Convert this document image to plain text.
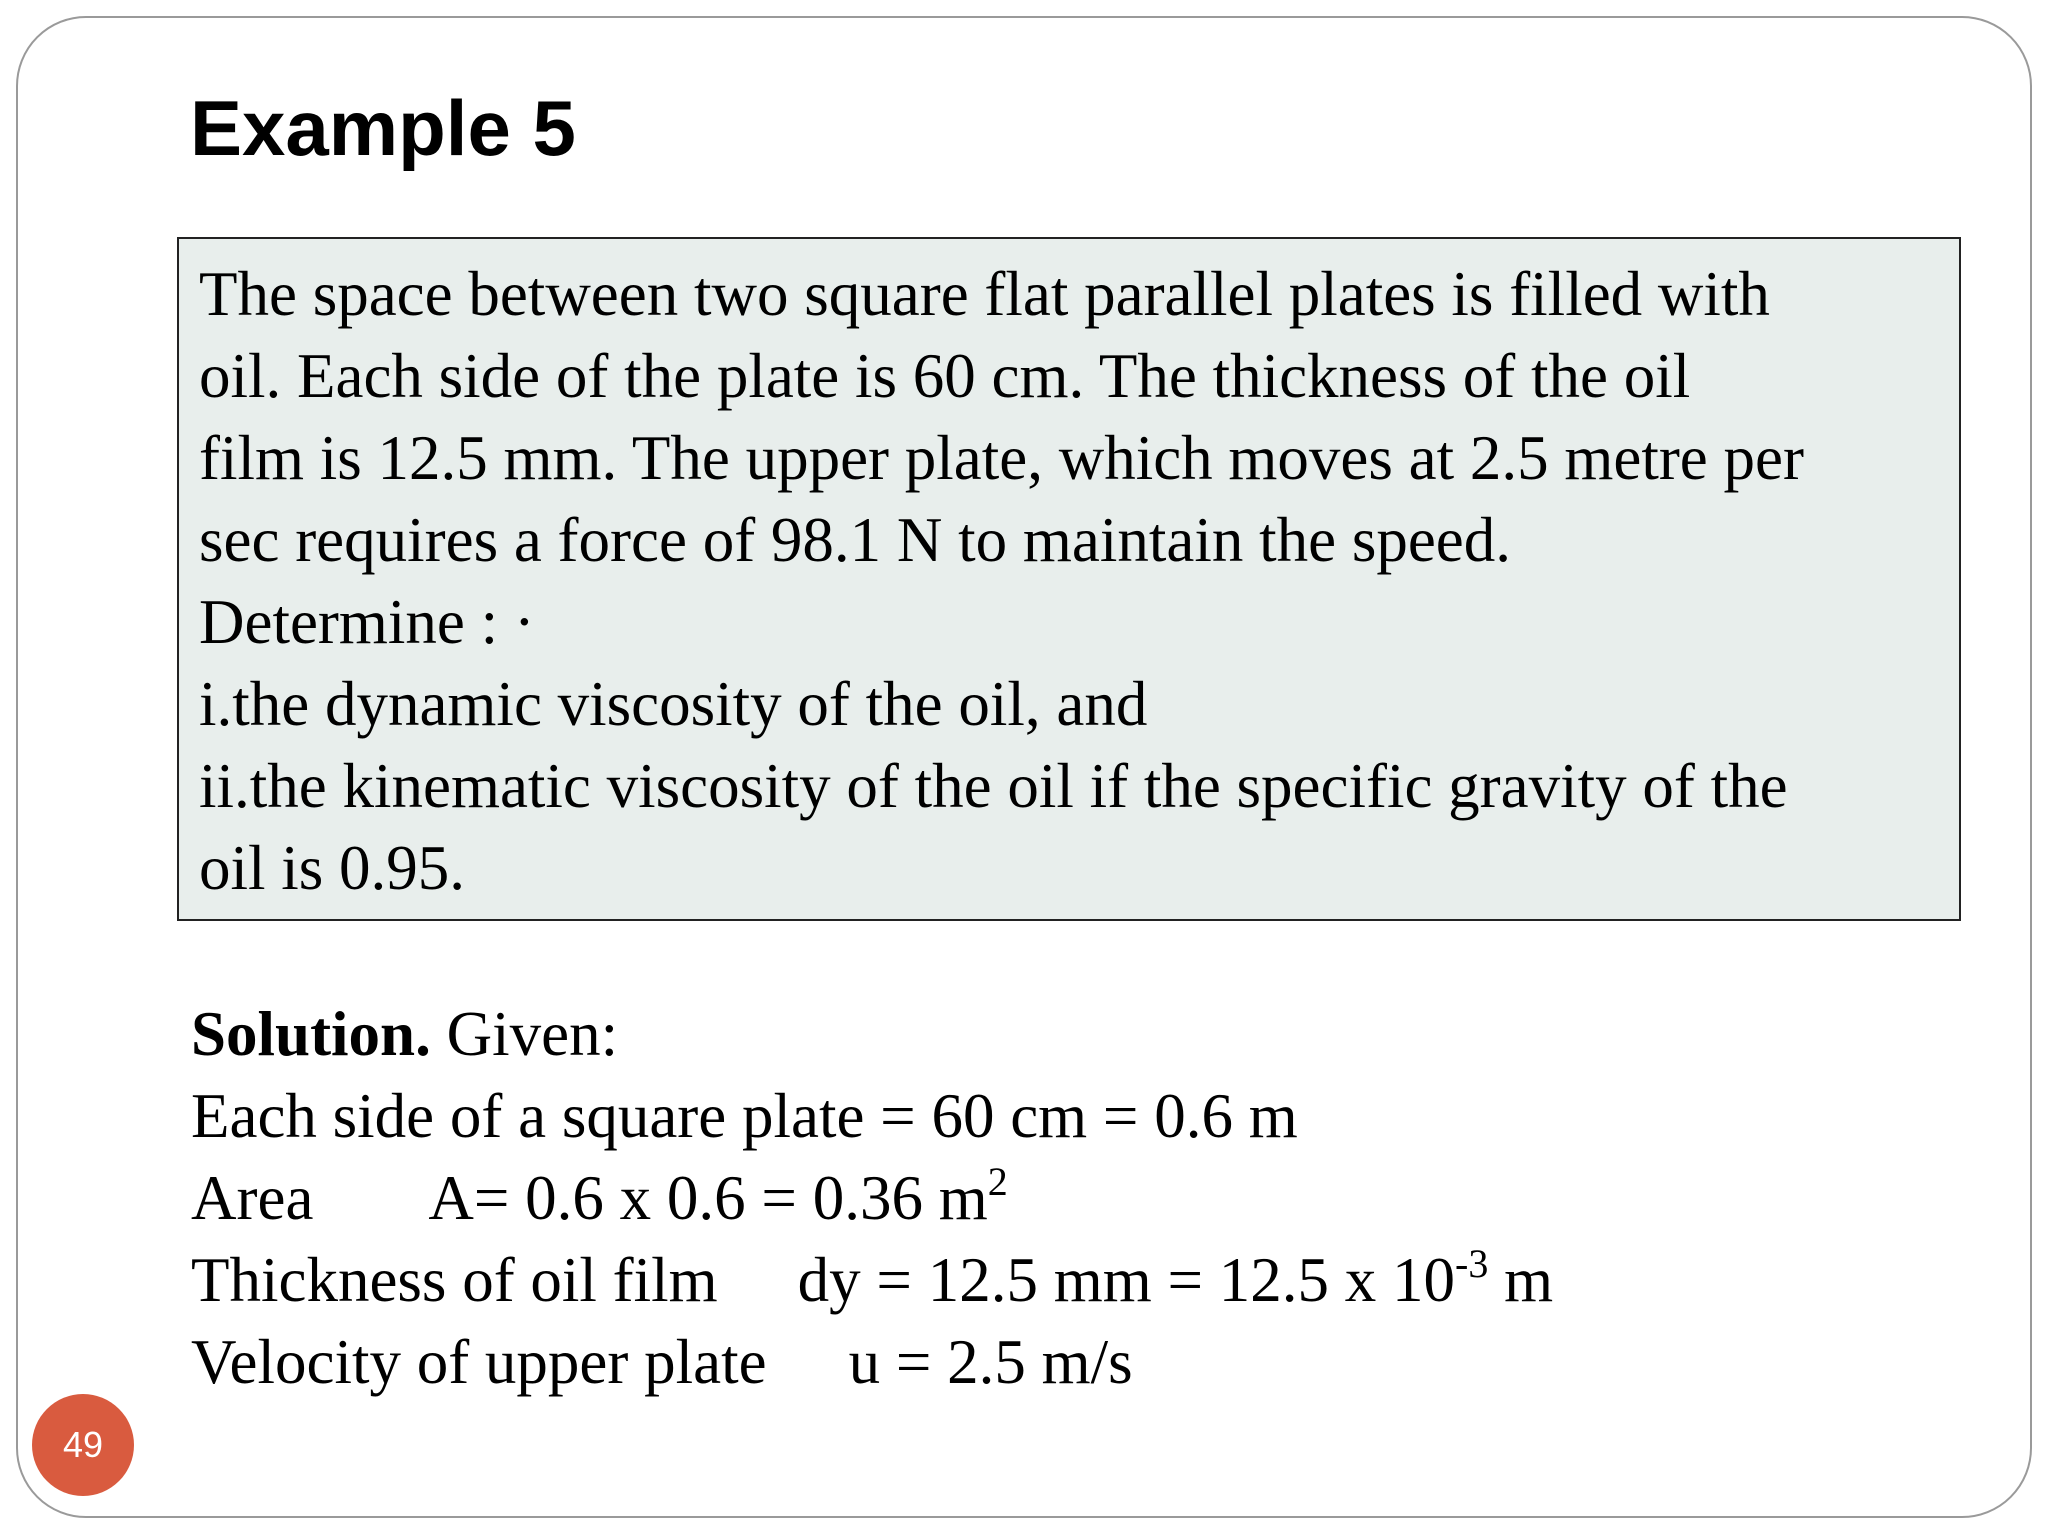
Example 5
The space between two square flat parallel plates is filled with
oil. Each side of the plate is 60 cm. The thickness of the oil
film is 12.5 mm. The upper plate, which moves at 2.5 metre per
sec requires a force of 98.1 N to maintain the speed.
Determine : ·
i.the dynamic viscosity of the oil, and
ii.the kinematic viscosity of the oil if the specific gravity of the
oil is 0.95.
Solution. Given:
Each side of a square plate = 60 cm = 0.6 m
Area A= 0.6 x 0.6 = 0.36 $m^2$
Thickness of oil film dy = 12.5 mm = 12.5 x $10^{-3}$ m
Velocity of upper plate u = 2.5 m/s
49
